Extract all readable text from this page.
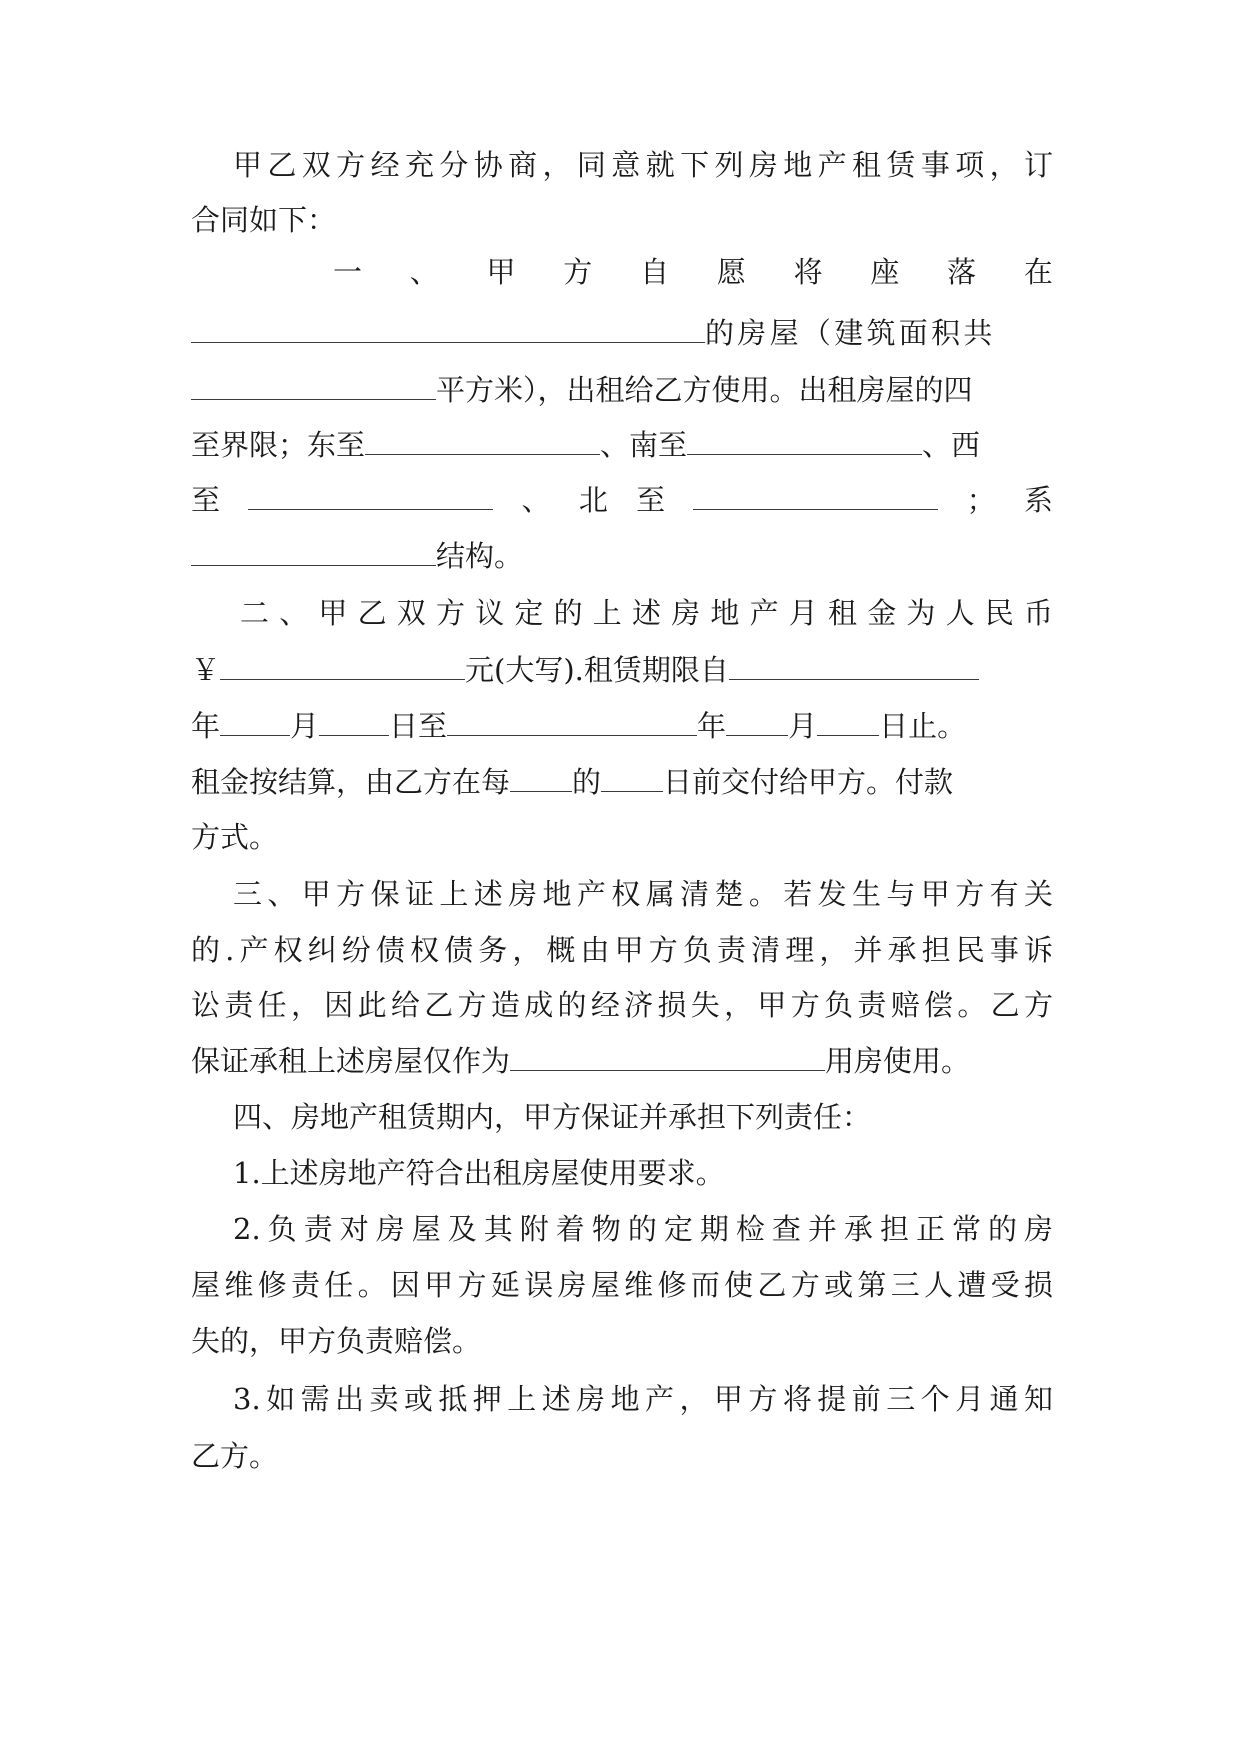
甲乙双方经充分协商，同意就下列房地产租赁事项，订
合同如下：
一 、 甲 方 自 愿 将 座 落 在
的房屋（建筑面积共
平方米），出租给乙方使用。出租房屋的四
至界限；东至	、南至	、西
至	、 北 至	； 系
结构。
二、甲乙双方议定的上述房地产月租金为人民币
￥	元(大写).租赁期限自
年 月 日至	年 月 日止。
租金按结算，由乙方在每 的 日前交付给甲方。付款
方式。
三、甲方保证上述房地产权属清楚。若发生与甲方有关
的.产权纠纷债权债务，概由甲方负责清理，并承担民事诉
讼责任，因此给乙方造成的经济损失，甲方负责赔偿。乙方
保证承租上述房屋仅作为	用房使用。
四、房地产租赁期内，甲方保证并承担下列责任：
1.上述房地产符合出租房屋使用要求。
2.负责对房屋及其附着物的定期检查并承担正常的房
屋维修责任。因甲方延误房屋维修而使乙方或第三人遭受损
失的，甲方负责赔偿。
3.如需出卖或抵押上述房地产，甲方将提前三个月通知
乙方。
